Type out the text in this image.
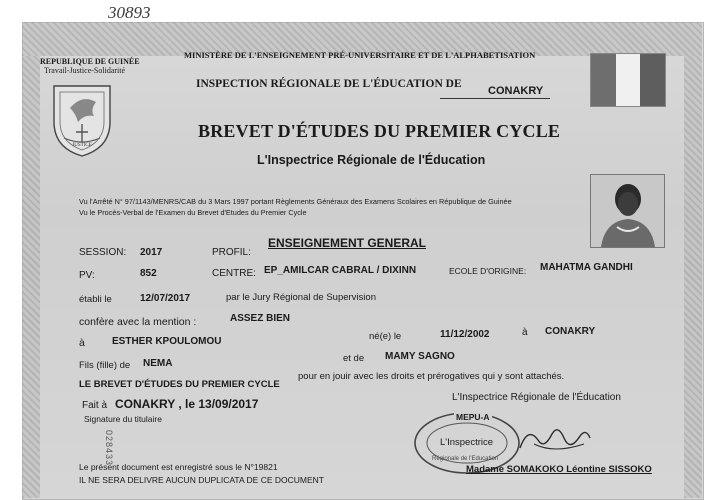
30893
REPUBLIQUE DE GUINÉE
Travail-Justice-Solidarité
JUSTICE
MINISTÈRE DE L'ENSEIGNEMENT PRÉ-UNIVERSITAIRE ET DE L'ALPHABETISATION
INSPECTION RÉGIONALE DE L'ÉDUCATION DE
CONAKRY
BREVET D'ÉTUDES DU PREMIER CYCLE
L'Inspectrice Régionale de l'Éducation
Vu l'Arrêté N° 97/1143/MENRS/CAB du 3 Mars 1997 portant Règlements Généraux des Examens Scolaires en République de Guinée
Vu le Procès-Verbal de l'Examen du Brevet d'Etudes du Premier Cycle
SESSION: 2017	PROFIL:
ENSEIGNEMENT GENERAL
PV:	852	CENTRE: EP_AMILCAR CABRAL / DIXINN	ECOLE D'ORIGINE: MAHATMA GANDHI
établi le	12/07/2017	par le Jury Régional de Supervision
confère avec la mention :	ASSEZ BIEN
à	ESTHER KPOULOMOU	né(e) le	11/12/2002	à CONAKRY
Fils (fille) de NEMA	et de MAMY SAGNO
LE BREVET D'ÉTUDES DU PREMIER CYCLE
pour en jouir avec les droits et prérogatives qui y sont attachés.
Fait à CONAKRY , le 13/09/2017
Signature du titulaire
L'Inspectrice Régionale de l'Éducation
028433
MEPU-A
L'Inspectrice
Régionale de l'Education
Le présent document est enregistré sous le N°19821
IL NE SERA DELIVRE AUCUN DUPLICATA DE CE DOCUMENT
Madame SOMAKOKO Léontine SISSOKO
